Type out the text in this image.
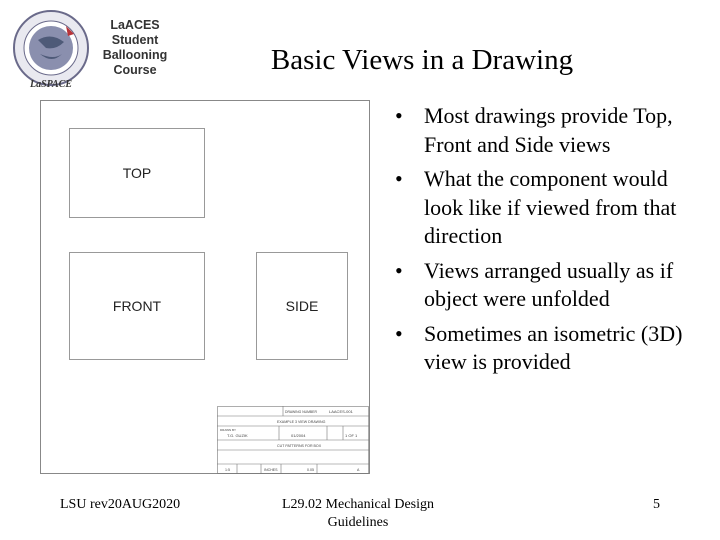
LaSPACE
LaACES
Student
Ballooning
Course	Basic Views in a Drawing
TOP
FRONT	SIDE
DRAWING NUMBER	LAACES-001
EXAMPLE 3 VIEW DRAWING
DRAWN BY
T.G. GUZIK	01/2004	1 OF 1
CUT PATTERNS FOR BOX
1:5	INCHES	0.05	A
• Most drawings provide Top, Front and Side views
• What the component would look like if viewed from that direction
• Views arranged usually as if object were unfolded
• Sometimes an isometric (3D) view is provided
LSU rev20AUG2020	L29.02 Mechanical Design Guidelines
5
